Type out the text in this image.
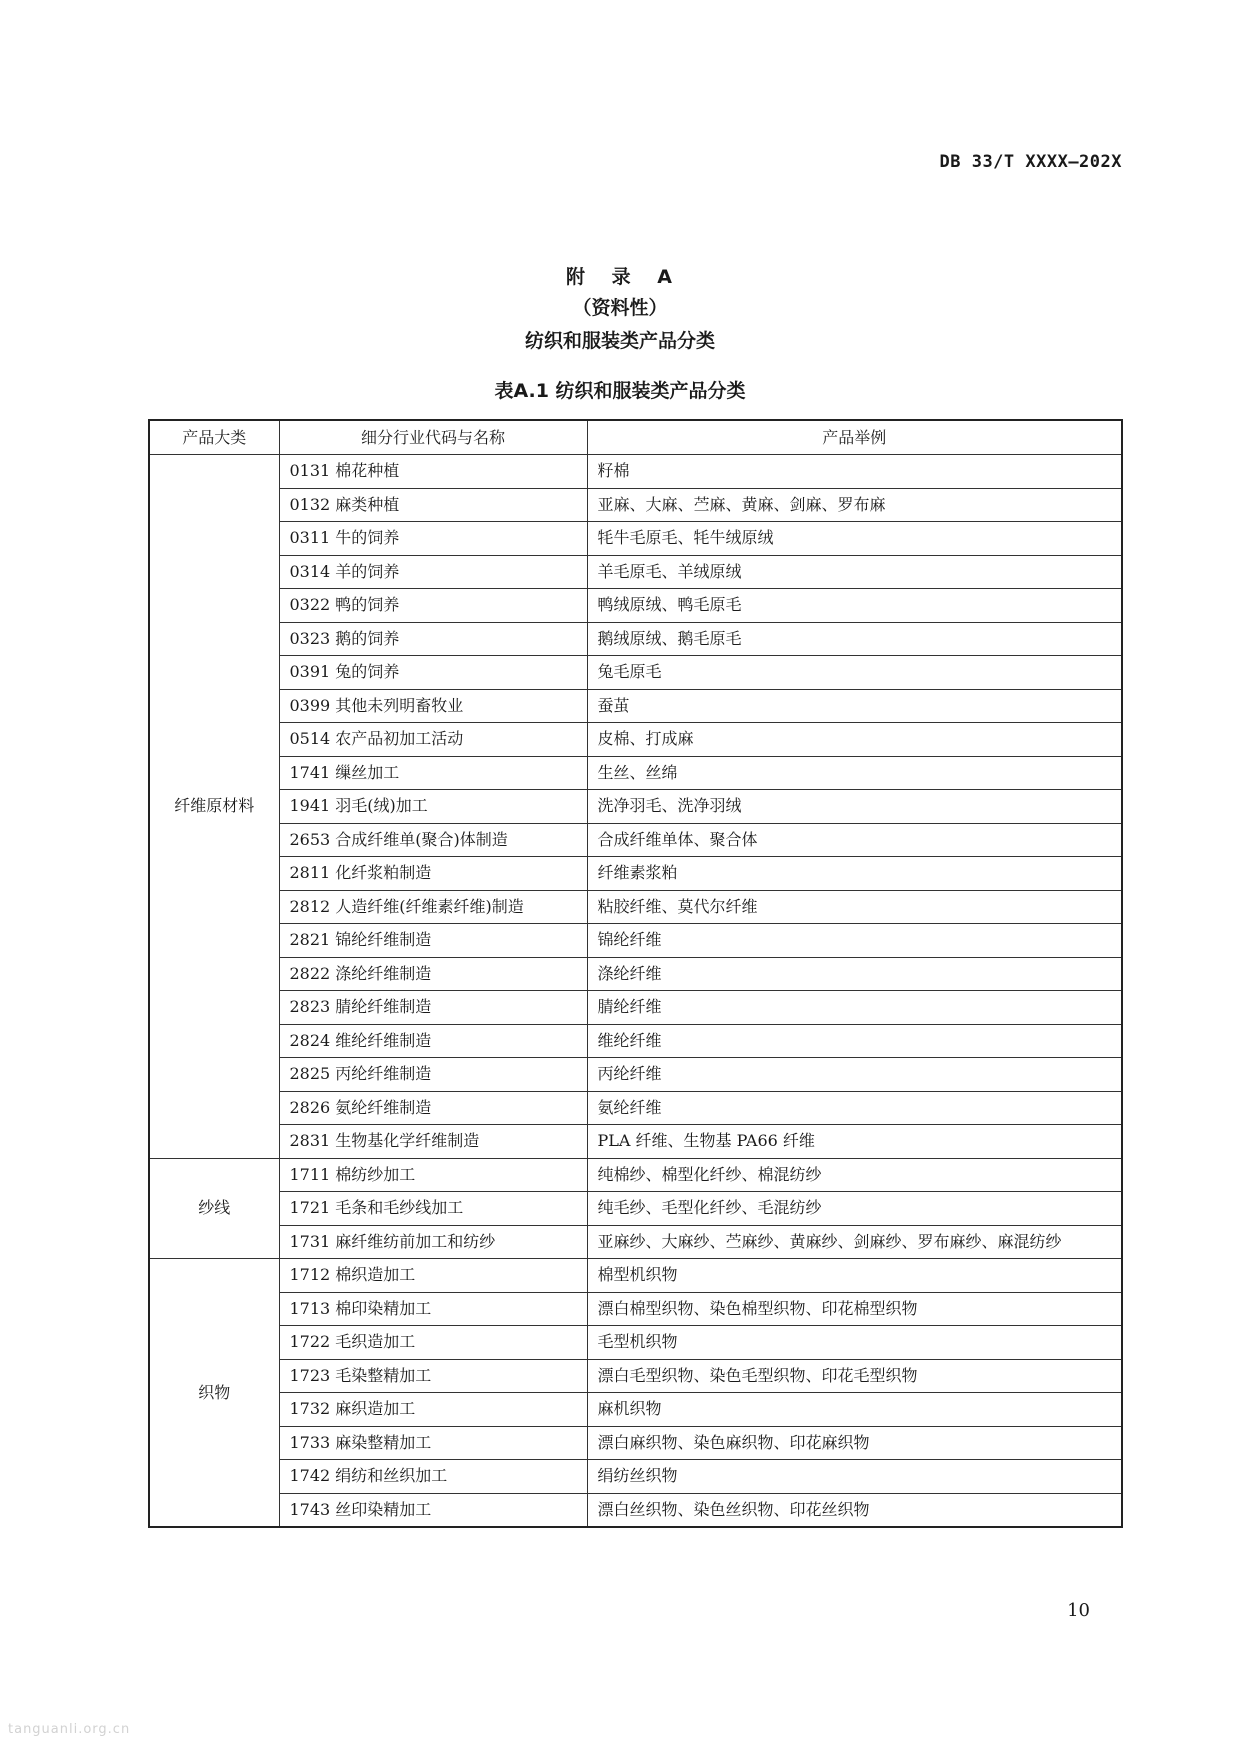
DB 33/T XXXX—202X
附 录 A
（资料性）
纺织和服装类产品分类
表A.1 纺织和服装类产品分类
产品大类	细分行业代码与名称	产品举例
纤维原材料	0131 棉花种植	籽棉
	0132 麻类种植	亚麻、大麻、苎麻、黄麻、剑麻、罗布麻
	0311 牛的饲养	牦牛毛原毛、牦牛绒原绒
	0314 羊的饲养	羊毛原毛、羊绒原绒
	0322 鸭的饲养	鸭绒原绒、鸭毛原毛
	0323 鹅的饲养	鹅绒原绒、鹅毛原毛
	0391 兔的饲养	兔毛原毛
	0399 其他未列明畜牧业	蚕茧
	0514 农产品初加工活动	皮棉、打成麻
	1741 缫丝加工	生丝、丝绵
	1941 羽毛(绒)加工	洗净羽毛、洗净羽绒
	2653 合成纤维单(聚合)体制造	合成纤维单体、聚合体
	2811 化纤浆粕制造	纤维素浆粕
	2812 人造纤维(纤维素纤维)制造	粘胶纤维、莫代尔纤维
	2821 锦纶纤维制造	锦纶纤维
	2822 涤纶纤维制造	涤纶纤维
	2823 腈纶纤维制造	腈纶纤维
	2824 维纶纤维制造	维纶纤维
	2825 丙纶纤维制造	丙纶纤维
	2826 氨纶纤维制造	氨纶纤维
	2831 生物基化学纤维制造	PLA 纤维、生物基 PA66 纤维
纱线	1711 棉纺纱加工	纯棉纱、棉型化纤纱、棉混纺纱
	1721 毛条和毛纱线加工	纯毛纱、毛型化纤纱、毛混纺纱
	1731 麻纤维纺前加工和纺纱	亚麻纱、大麻纱、苎麻纱、黄麻纱、剑麻纱、罗布麻纱、麻混纺纱
织物	1712 棉织造加工	棉型机织物
	1713 棉印染精加工	漂白棉型织物、染色棉型织物、印花棉型织物
	1722 毛织造加工	毛型机织物
	1723 毛染整精加工	漂白毛型织物、染色毛型织物、印花毛型织物
	1732 麻织造加工	麻机织物
	1733 麻染整精加工	漂白麻织物、染色麻织物、印花麻织物
	1742 绢纺和丝织加工	绢纺丝织物
	1743 丝印染精加工	漂白丝织物、染色丝织物、印花丝织物
10
tanguanli.org.cn
